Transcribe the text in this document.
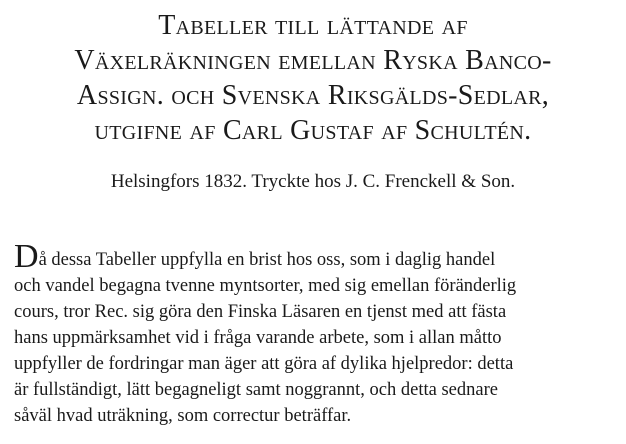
Tabeller till lättande af
Växelräkningen emellan Ryska Banco-
Assign. och Svenska Riksgälds-Sedlar,
utgifne af Carl Gustaf af Schultén.
Helsingfors 1832. Tryckte hos J. C. Frenckell & Son.
Då dessa Tabeller uppfylla en brist hos oss, som i daglig handel
och vandel begagna tvenne myntsorter, med sig emellan föränderlig
cours, tror Rec. sig göra den Finska Läsaren en tjenst med att fästa
hans uppmärksamhet vid i fråga varande arbete, som i allan måtto
uppfyller de fordringar man äger att göra af dylika hjelpredor: detta
är fullständigt, lätt begagneligt samt noggrannt, och detta sednare
såväl hvad uträkning, som correctur beträffar.
